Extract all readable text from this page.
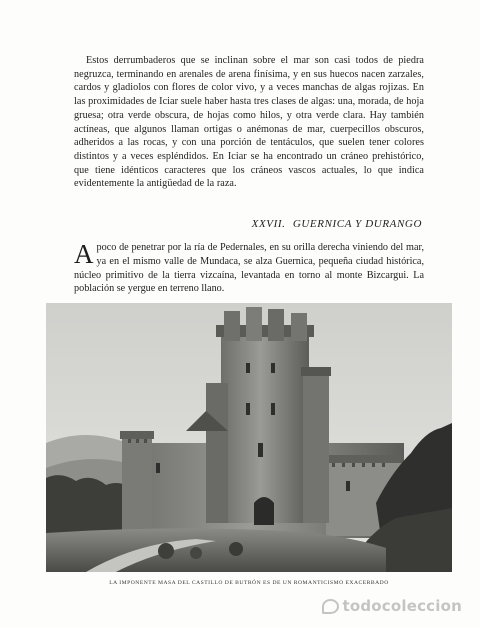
Estos derrumbaderos que se inclinan sobre el mar son casi todos de piedra negruzca, terminando en arenales de arena finísima, y en sus huecos nacen zarzales, cardos y gladiolos con flores de color vivo, y a veces manchas de algas rojizas. En las proximidades de Iciar suele haber hasta tres clases de algas: una, morada, de hoja gruesa; otra verde obscura, de hojas como hilos, y otra verde clara. Hay también actíneas, que algunos llaman ortigas o anémonas de mar, cuerpecillos obscuros, adheridos a las rocas, y con una porción de tentáculos, que suelen tener colores distintos y a veces espléndidos. En Iciar se ha encontrado un cráneo prehistórico, que tiene idénticos caracteres que los cráneos vascos actuales, lo que indica evidentemente la antigüedad de la raza.

XXVII. GUERNICA Y DURANGO

A poco de penetrar por la ría de Pedernales, en su orilla derecha viniendo del mar, ya en el mismo valle de Mundaca, se alza Guernica, pequeña ciudad histórica, núcleo primitivo de la tierra vizcaína, levantada en torno al monte Bizcargui. La población se yergue en terreno llano.

LA IMPONENTE MASA DEL CASTILLO DE BUTRÓN ES DE UN ROMANTICISMO EXACERBADO

todocoleccion
